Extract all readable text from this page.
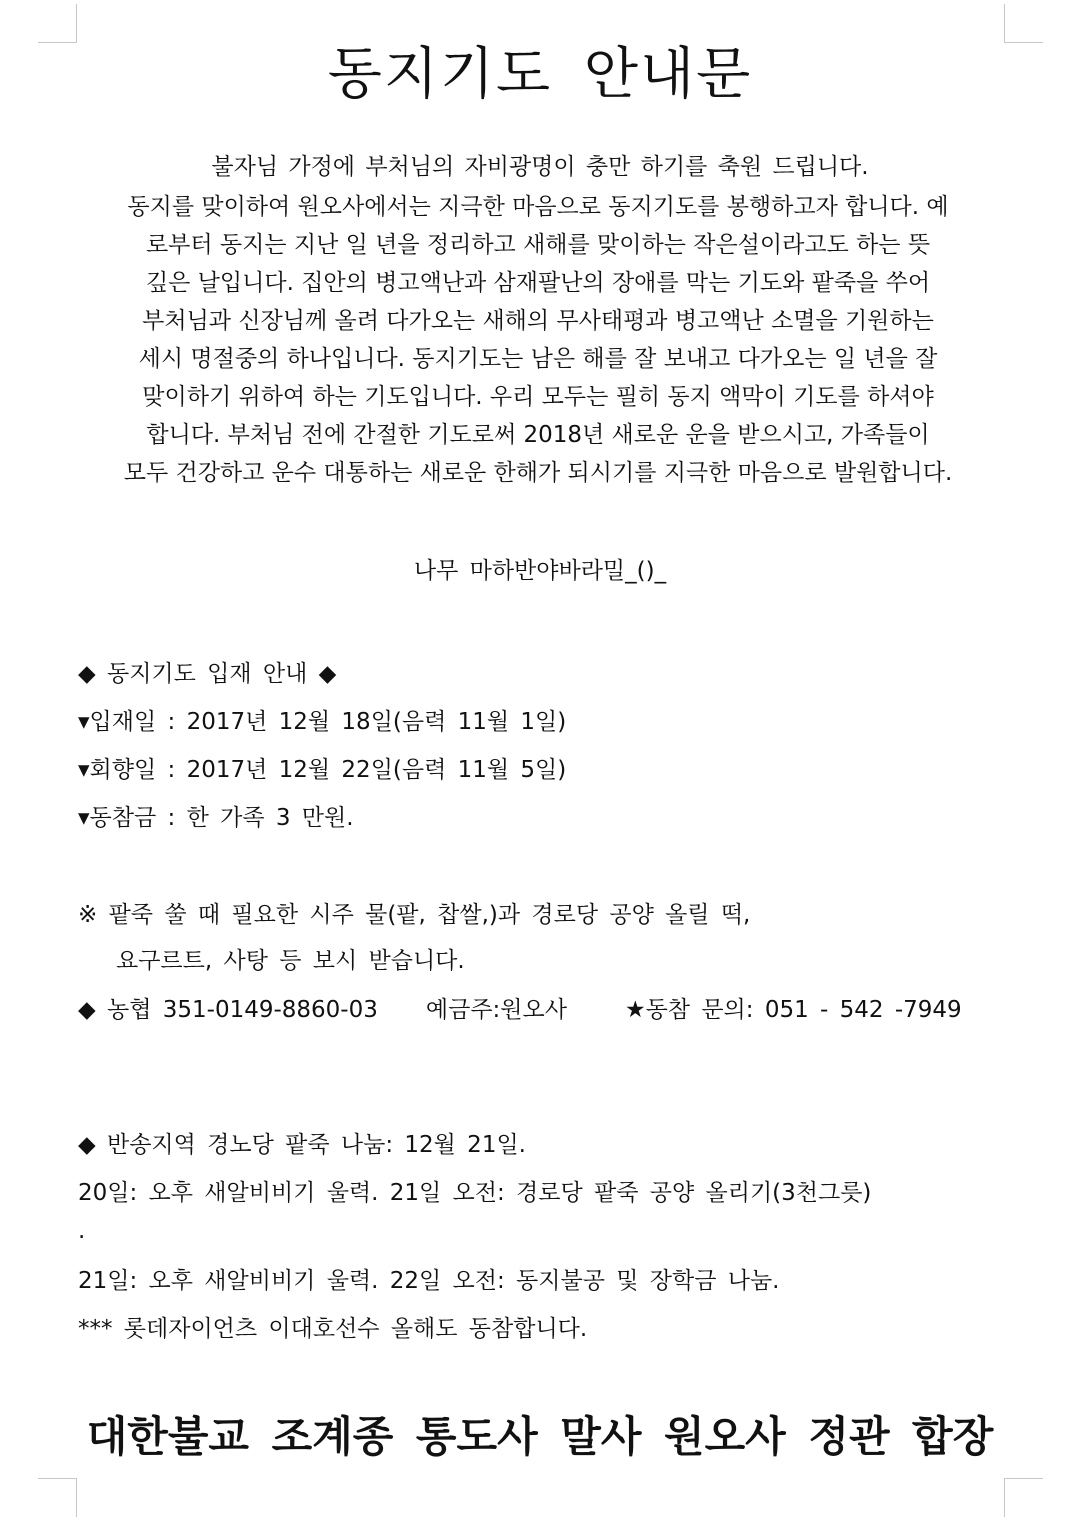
동지기도 안내문
불자님 가정에 부처님의 자비광명이 충만 하기를 축원 드립니다.
동지를 맞이하여 원오사에서는 지극한 마음으로 동지기도를 봉행하고자 합니다. 예
로부터 동지는 지난 일 년을 정리하고 새해를 맞이하는 작은설이라고도 하는 뜻
깊은 날입니다. 집안의 병고액난과 삼재팔난의 장애를 막는 기도와 팥죽을 쑤어
부처님과 신장님께 올려 다가오는 새해의 무사태평과 병고액난 소멸을 기원하는
세시 명절중의 하나입니다. 동지기도는 남은 해를 잘 보내고 다가오는 일 년을 잘
맞이하기 위하여 하는 기도입니다. 우리 모두는 필히 동지 액막이 기도를 하셔야
합니다. 부처님 전에 간절한 기도로써 2018년 새로운 운을 받으시고, 가족들이
모두 건강하고 운수 대통하는 새로운 한해가 되시기를 지극한 마음으로 발원합니다.
나무 마하반야바라밀_()_
◆ 동지기도 입재 안내 ◆
▾입재일 : 2017년 12월 18일(음력 11월 1일)
▾회향일 : 2017년 12월 22일(음력 11월 5일)
▾동참금 : 한 가족 3 만원.
※ 팥죽 쑬 때 필요한 시주 물(팥, 찹쌀,)과 경로당 공양 올릴 떡,
요구르트, 사탕 등 보시 받습니다.
◆ 농협 351-0149-8860-03 예금주:원오사	★동참 문의: 051 - 542 -7949
◆ 반송지역 경노당 팥죽 나눔: 12월 21일.
20일: 오후 새알비비기 울력. 21일 오전: 경로당 팥죽 공양 올리기(3천그릇)
.
21일: 오후 새알비비기 울력. 22일 오전: 동지불공 및 장학금 나눔.
*** 롯데자이언츠 이대호선수 올해도 동참합니다.
대한불교 조계종 통도사 말사 원오사 정관 합장
